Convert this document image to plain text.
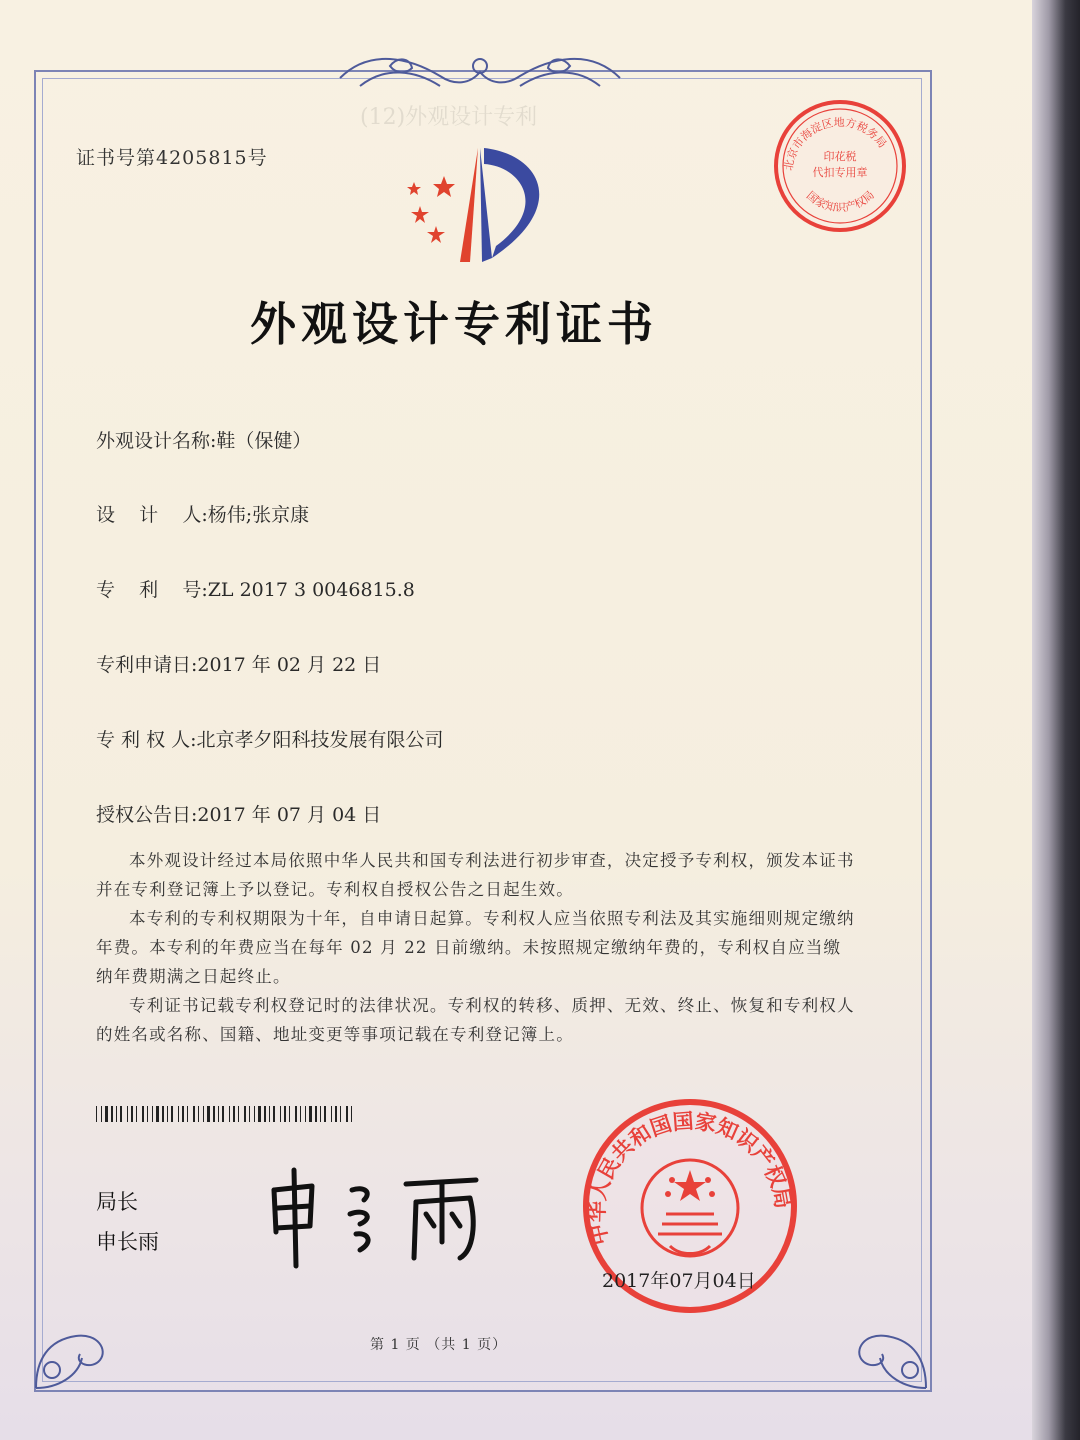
(12)外观设计专利
证书号第4205815号
外观设计专利证书
北京市海淀区地方税务局
国家知识产权局
印花税
代扣专用章
外观设计名称:鞋（保健）
设    计    人:杨伟;张京康
专    利    号:ZL 2017 3 0046815.8
专利申请日:2017 年 02 月 22 日
专 利 权 人:北京孝夕阳科技发展有限公司
授权公告日:2017 年 07 月 04 日

本外观设计经过本局依照中华人民共和国专利法进行初步审查，决定授予专利权，颁发本证书并在专利登记簿上予以登记。专利权自授权公告之日起生效。

本专利的专利权期限为十年，自申请日起算。专利权人应当依照专利法及其实施细则规定缴纳年费。本专利的年费应当在每年 02 月 22 日前缴纳。未按照规定缴纳年费的，专利权自应当缴纳年费期满之日起终止。

专利证书记载专利权登记时的法律状况。专利权的转移、质押、无效、终止、恢复和专利权人的姓名或名称、国籍、地址变更等事项记载在专利登记簿上。

局长
申长雨	中华人民共和国国家知识产权局
2017年07月04日
第 1 页 （共 1 页）
